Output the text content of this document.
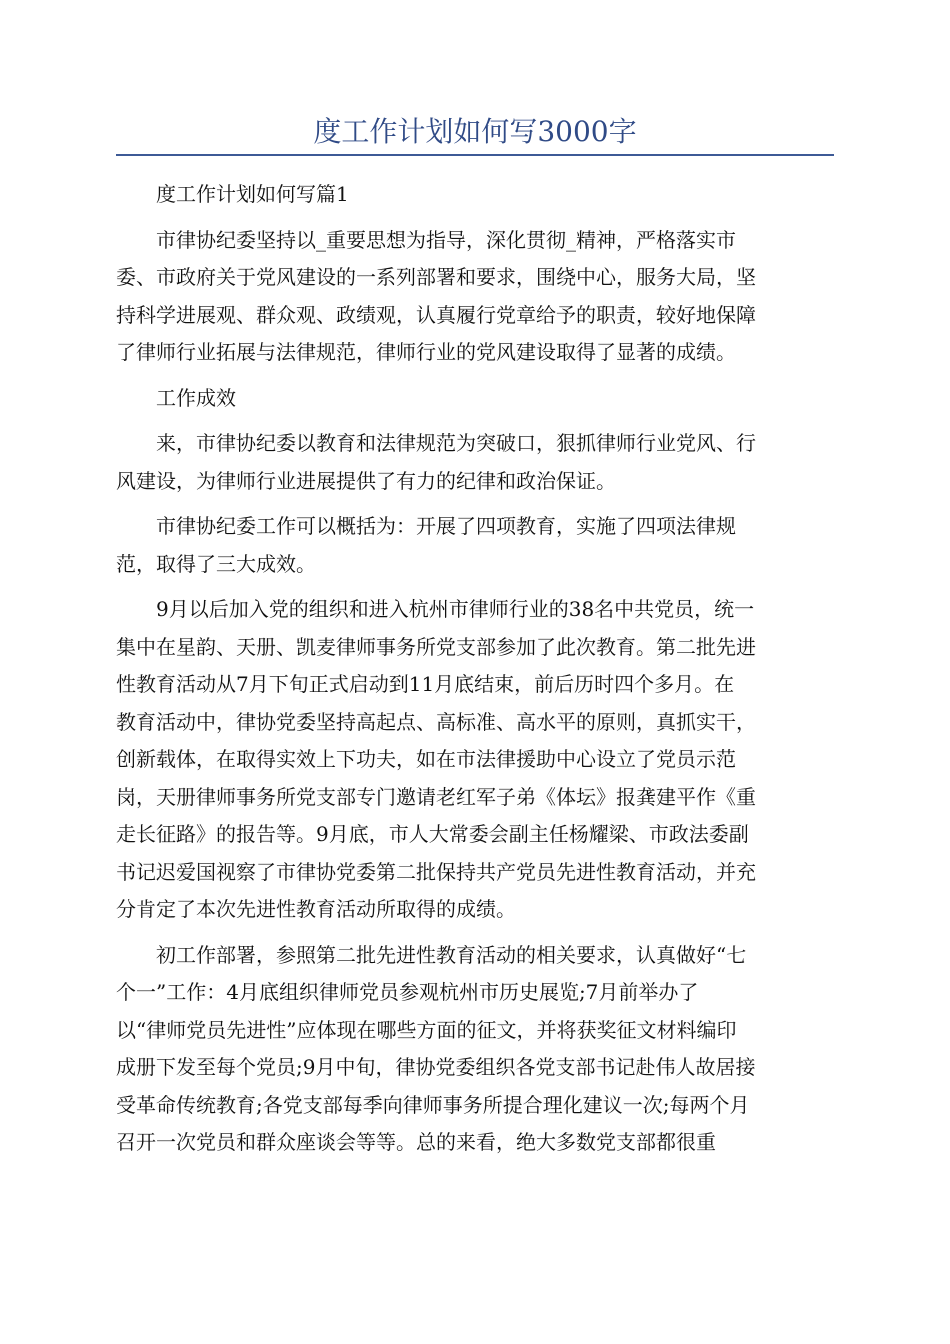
度工作计划如何写3000字

　　度工作计划如何写篇1

　　市律协纪委坚持以_重要思想为指导，深化贯彻_精神，严格落实市
委、市政府关于党风建设的一系列部署和要求，围绕中心，服务大局，坚
持科学进展观、群众观、政绩观，认真履行党章给予的职责，较好地保障
了律师行业拓展与法律规范，律师行业的党风建设取得了显著的成绩。

　　工作成效

　　来，市律协纪委以教育和法律规范为突破口，狠抓律师行业党风、行
风建设，为律师行业进展提供了有力的纪律和政治保证。

　　市律协纪委工作可以概括为：开展了四项教育，实施了四项法律规
范，取得了三大成效。

　　9月以后加入党的组织和进入杭州市律师行业的38名中共党员，统一
集中在星韵、天册、凯麦律师事务所党支部参加了此次教育。第二批先进
性教育活动从7月下旬正式启动到11月底结束，前后历时四个多月。在
教育活动中，律协党委坚持高起点、高标准、高水平的原则，真抓实干，
创新载体，在取得实效上下功夫，如在市法律援助中心设立了党员示范
岗，天册律师事务所党支部专门邀请老红军子弟《体坛》报龚建平作《重
走长征路》的报告等。9月底，市人大常委会副主任杨耀梁、市政法委副
书记迟爱国视察了市律协党委第二批保持共产党员先进性教育活动，并充
分肯定了本次先进性教育活动所取得的成绩。

　　初工作部署，参照第二批先进性教育活动的相关要求，认真做好“七
个一”工作：4月底组织律师党员参观杭州市历史展览;7月前举办了
以“律师党员先进性”应体现在哪些方面的征文，并将获奖征文材料编印
成册下发至每个党员;9月中旬，律协党委组织各党支部书记赴伟人故居接
受革命传统教育;各党支部每季向律师事务所提合理化建议一次;每两个月
召开一次党员和群众座谈会等等。总的来看，绝大多数党支部都很重
